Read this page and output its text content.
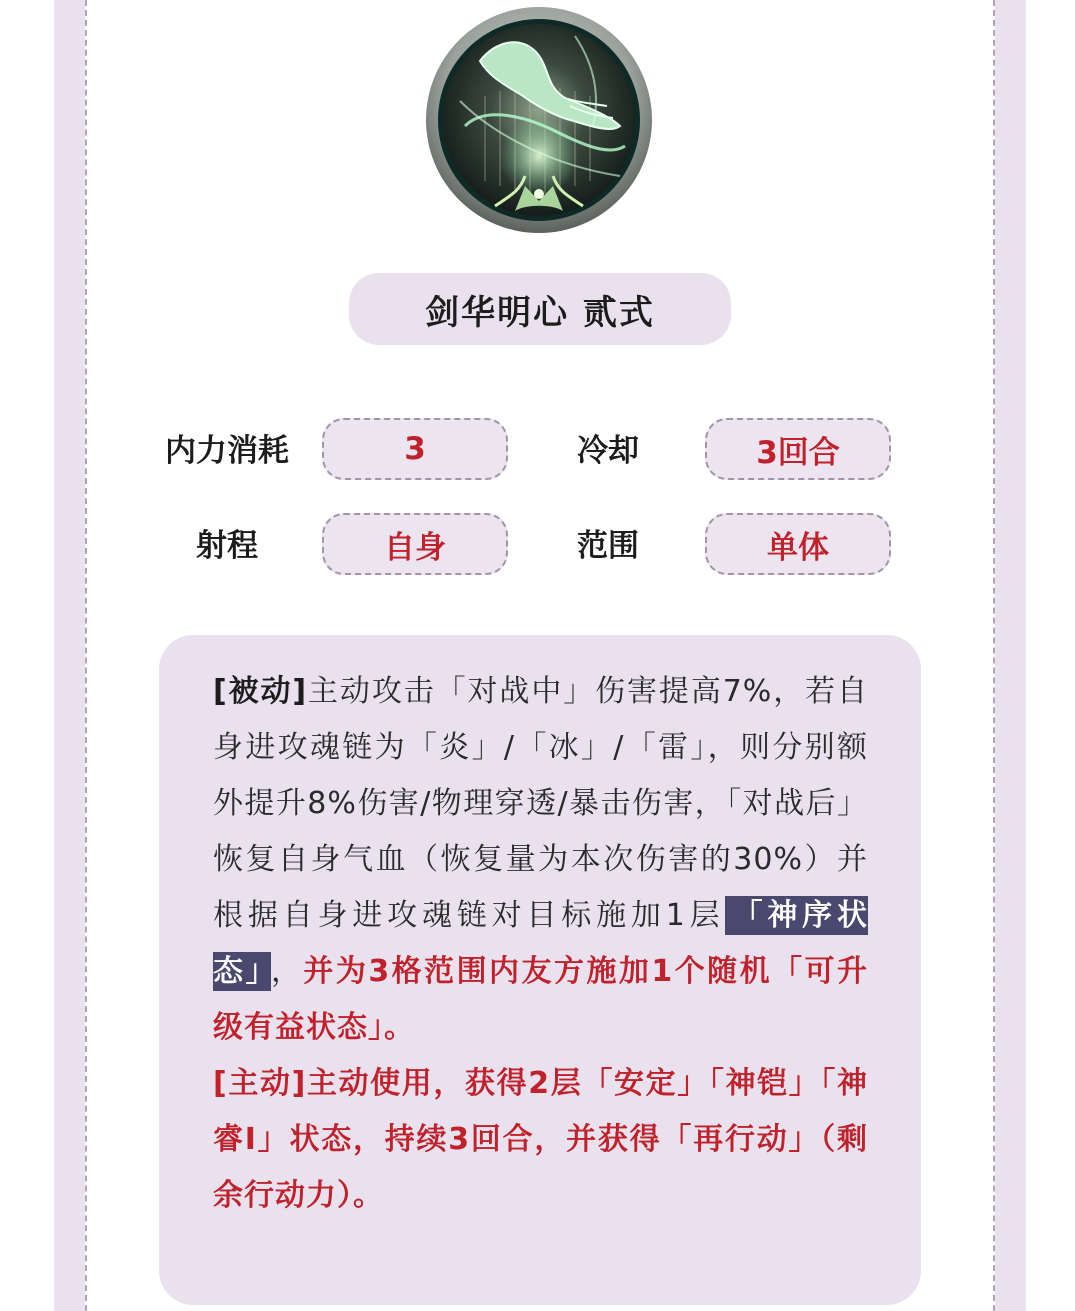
剑华明心 贰式
内力消耗	3	冷却	3回合
射程	自身	范围	单体
[被动]主动攻击「对战中」伤害提高7%，若自身进攻魂链为「炎」/「冰」/「雷」，则分别额外提升8%伤害/物理穿透/暴击伤害，「对战后」恢复自身气血（恢复量为本次伤害的30%）并根据自身进攻魂链对目标施加1层 「神序状态」 ，并为3格范围内友方施加1个随机「可升级有益状态」。
[主动]主动使用，获得2层「安定」「神铠」「神睿Ⅰ」状态，持续3回合，并获得「再行动」（剩余行动力）。
